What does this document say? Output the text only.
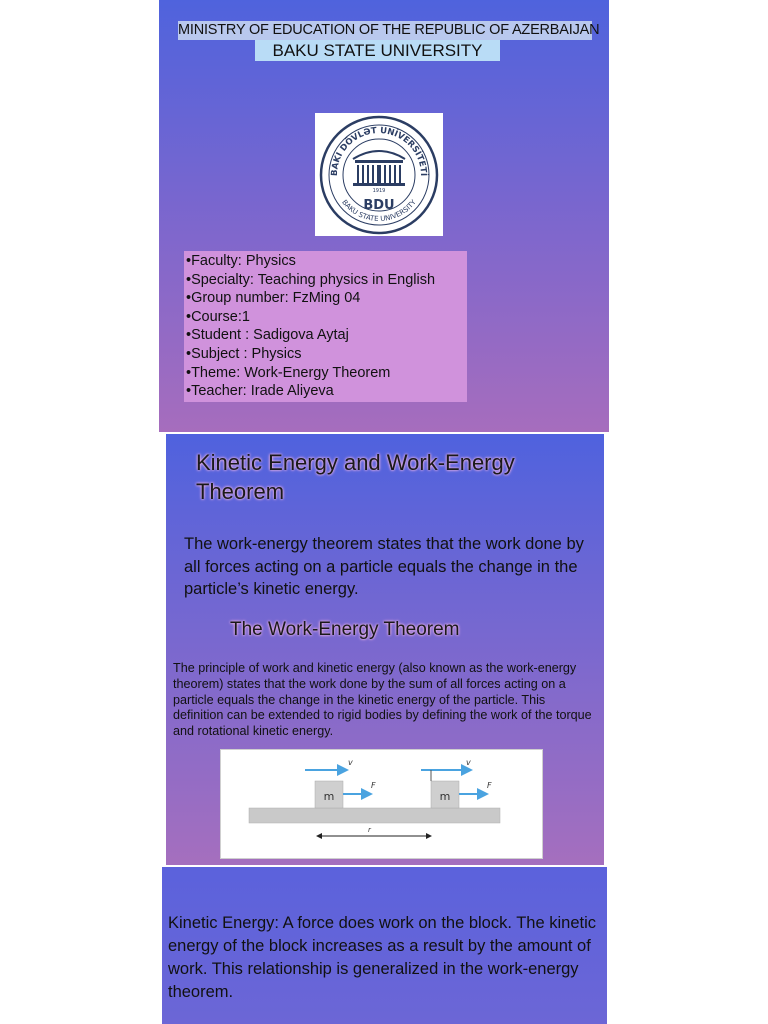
MINISTRY OF EDUCATION OF THE REPUBLIC OF AZERBAIJAN
BAKU STATE UNIVERSITY
BAKI DÖVLƏT UNİVERSİTETİ
BAKU STATE UNIVERSITY
1919
BDU
•Faculty: Physics
•Specialty: Teaching physics in English
•Group number: FzMing 04
•Course:1
•Student : Sadigova Aytaj
•Subject : Physics
•Theme: Work-Energy Theorem
•Teacher: Irade Aliyeva
Kinetic Energy and Work-Energy Theorem
The work-energy theorem states that the work done by all forces acting on a particle equals the change in the particle’s kinetic energy.
The Work-Energy Theorem
The principle of work and kinetic energy (also known as the work-energy theorem) states that the work done by the sum of all forces acting on a particle equals the change in the kinetic energy of the particle. This definition can be extended to rigid bodies by defining the work of the torque and rotational kinetic energy.
m
F
v
m
F
v
r
Kinetic Energy: A force does work on the block. The kinetic energy of the block increases as a result by the amount of work. This relationship is generalized in the work-energy theorem.
